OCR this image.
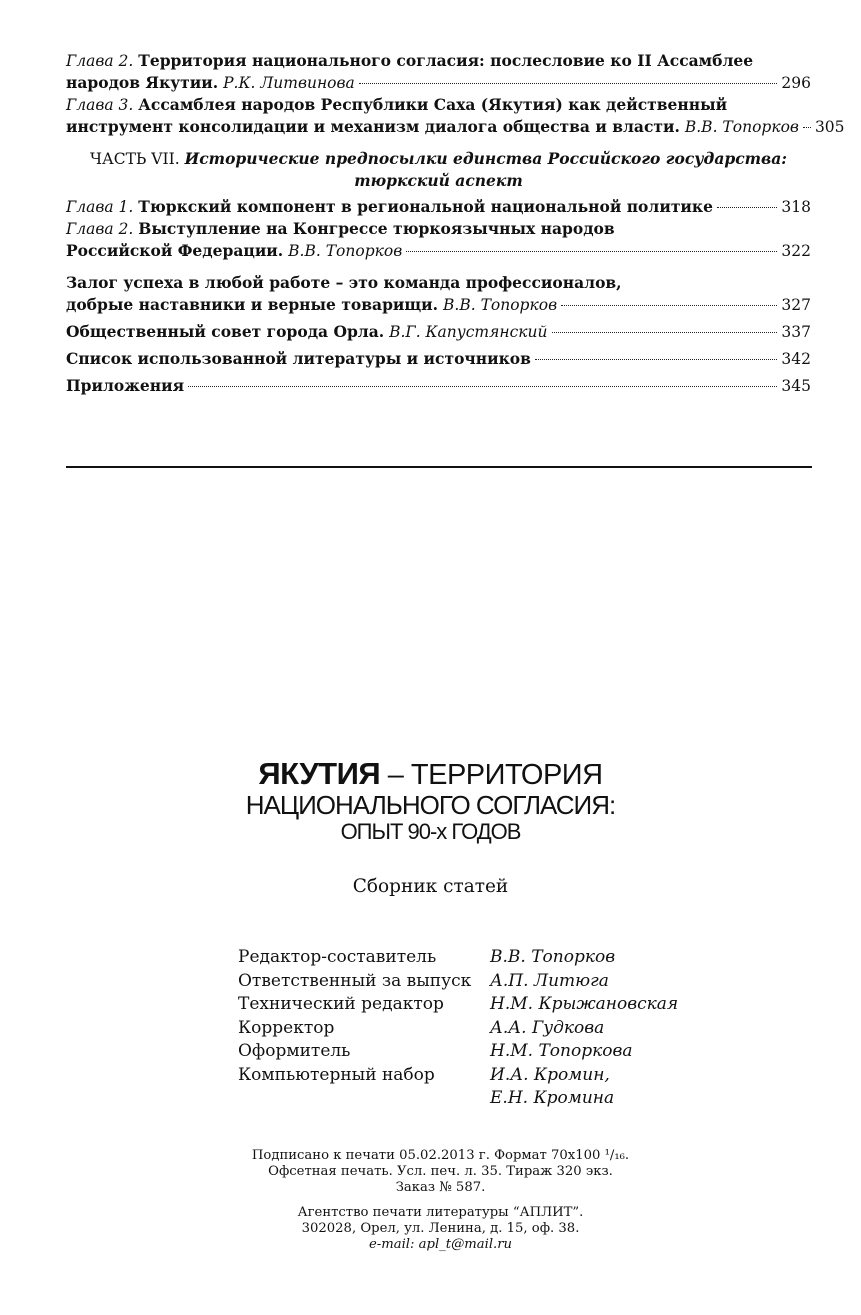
Глава 2. Территория национального согласия: послесловие ко II Ассамблее
народов Якутии. Р.К. Литвинова	296
Глава 3. Ассамблея народов Республики Саха (Якутия) как действенный
инструмент консолидации и механизм диалога общества и власти. В.В. Топорков 305
ЧАСТЬ VII. Исторические предпосылки единства Российского государства:
тюркский аспект
Глава 1. Тюркский компонент в региональной национальной политике	318
Глава 2. Выступление на Конгрессе тюркоязычных народов
Российской Федерации. В.В. Топорков	322
Залог успеха в любой работе – это команда профессионалов,
добрые наставники и верные товарищи. В.В. Топорков	327
Общественный совет города Орла. В.Г. Капустянский	337
Список использованной литературы и источников	342
Приложения	345
ЯКУТИЯ – ТЕРРИТОРИЯ
НАЦИОНАЛЬНОГО СОГЛАСИЯ:
ОПЫТ 90-х ГОДОВ
Сборник статей
Редактор-составитель	В.В. Топорков
Ответственный за выпуск	А.П. Литюга
Технический редактор	Н.М. Крыжановская
Корректор	А.А. Гудкова
Оформитель	Н.М. Топоркова
Компьютерный набор	И.А. Кромин,
Е.Н. Кромина
Подписано к печати 05.02.2013 г. Формат 70х100 ¹/₁₆.
Офсетная печать. Усл. печ. л. 35. Тираж 320 экз.
Заказ № 587.
Агентство печати литературы “АПЛИТ”.
302028, Орел, ул. Ленина, д. 15, оф. 38.
e-mail: apl_t@mail.ru
